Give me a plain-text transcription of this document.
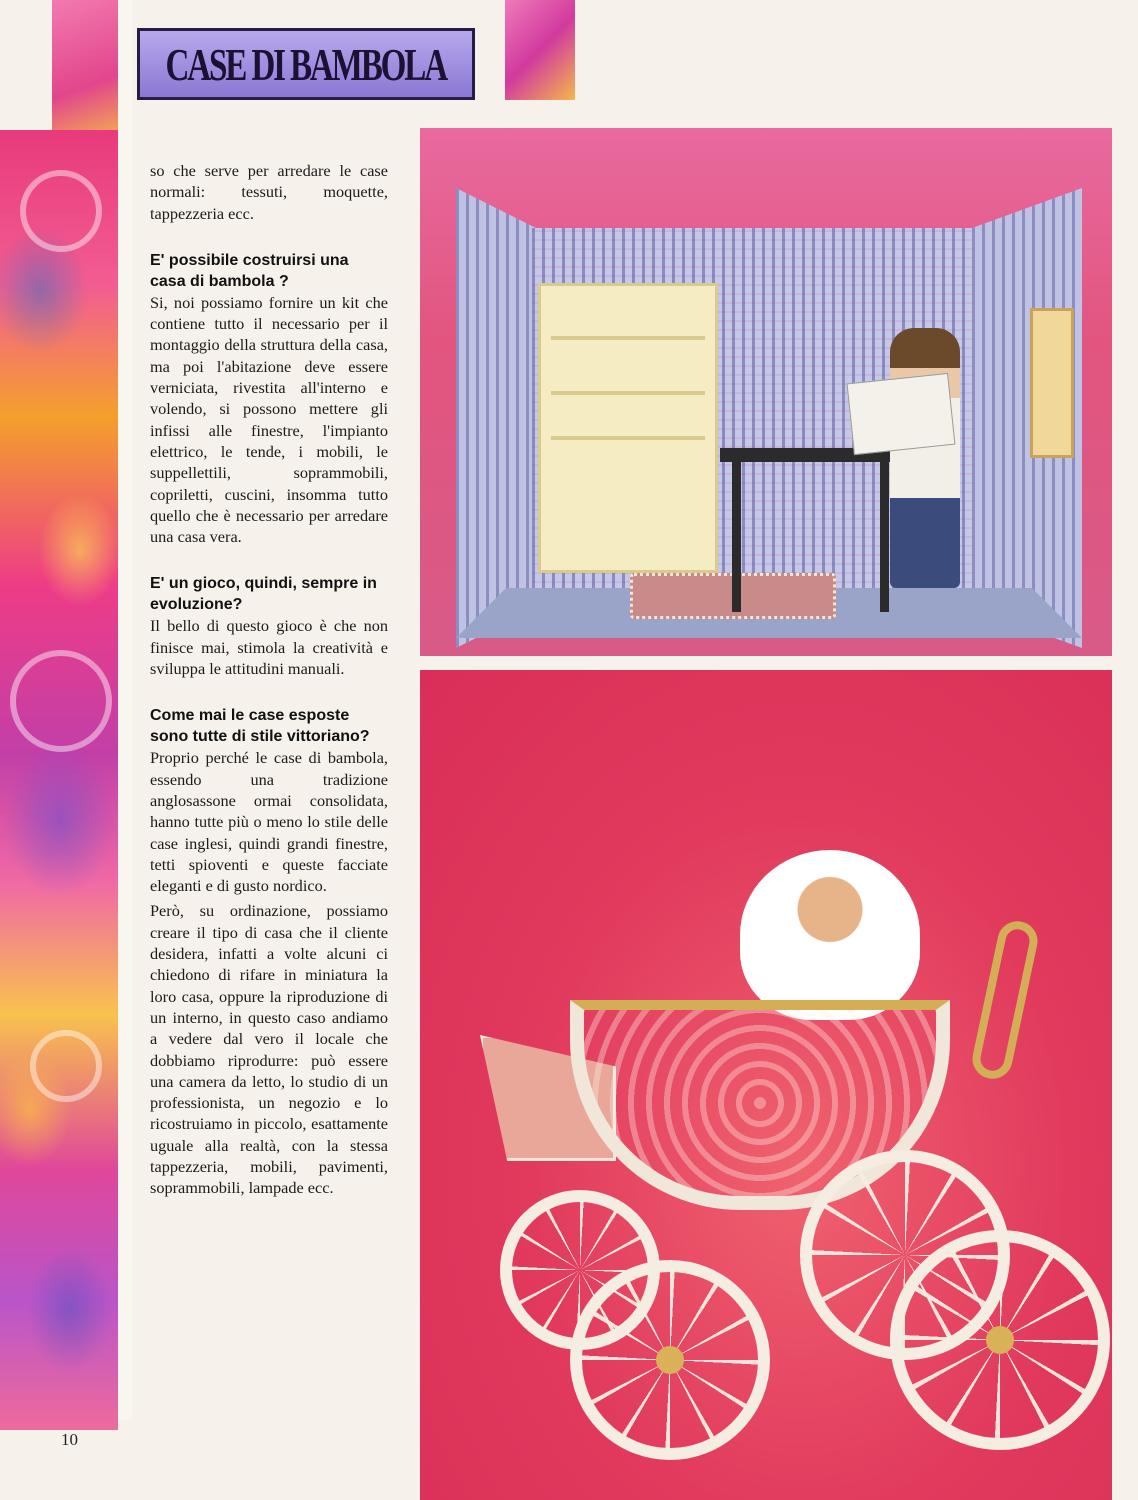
CASE DI BAMBOLA

so che serve per arredare le case normali: tessuti, moquette, tappezzeria ecc.

E' possibile costruirsi una casa di bambola ?

Si, noi possiamo fornire un kit che contiene tutto il necessario per il montaggio della struttura della casa, ma poi l'abitazione deve essere verniciata, rivestita all'interno e volendo, si possono mettere gli infissi alle finestre, l'impianto elettrico, le tende, i mobili, le suppellettili, soprammobili, copriletti, cuscini, insomma tutto quello che è necessario per arredare una casa vera.

E' un gioco, quindi, sempre in evoluzione?

Il bello di questo gioco è che non finisce mai, stimola la creatività e sviluppa le attitudini manuali.

Come mai le case esposte sono tutte di stile vittoriano?

Proprio perché le case di bambola, essendo una tradizione anglosassone ormai consolidata, hanno tutte più o meno lo stile delle case inglesi, quindi grandi finestre, tetti spioventi e queste facciate eleganti e di gusto nordico.

Però, su ordinazione, possiamo creare il tipo di casa che il cliente desidera, infatti a volte alcuni ci chiedono di rifare in miniatura la loro casa, oppure la riproduzione di un interno, in questo caso andiamo a vedere dal vero il locale che dobbiamo riprodurre: può essere una camera da letto, lo studio di un professionista, un negozio e lo ricostruiamo in piccolo, esattamente uguale alla realtà, con la stessa tappezzeria, mobili, pavimenti, soprammobili, lampade ecc.

10
